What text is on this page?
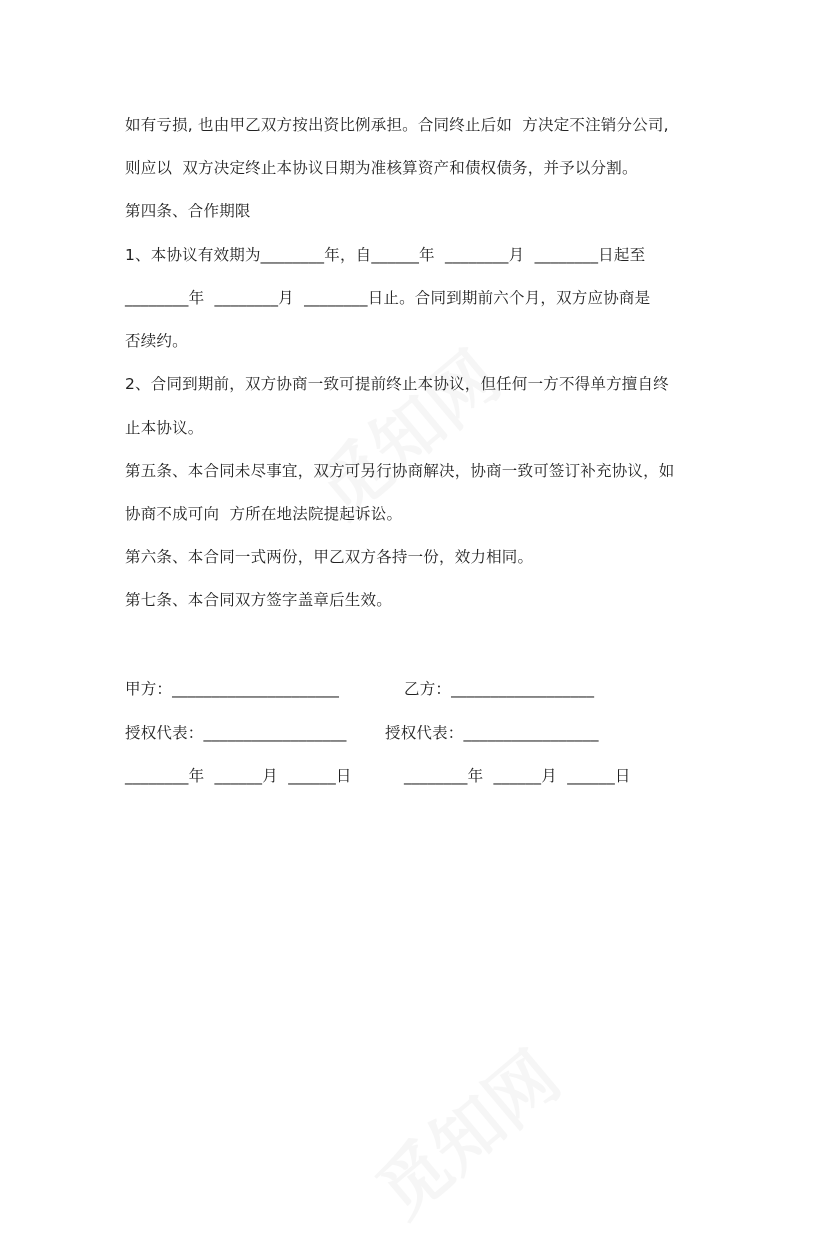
如有亏损, 也由甲乙双方按出资比例承担。合同终止后如  方决定不注销分公司,
则应以  双方决定终止本协议日期为准核算资产和债权债务，并予以分割。
第四条、合作期限
1、本协议有效期为________年，自______年  ________月  ________日起至
________年  ________月  ________日止。合同到期前六个月，双方应协商是
否续约。
2、合同到期前，双方协商一致可提前终止本协议，但任何一方不得单方擅自终
止本协议。
第五条、本合同未尽事宜，双方可另行协商解决，协商一致可签订补充协议，如
协商不成可向  方所在地法院提起诉讼。
第六条、本合同一式两份，甲乙双方各持一份，效力相同。
第七条、本合同双方签字盖章后生效。
甲方：_____________________	乙方：__________________
授权代表：__________________ 授权代表：_________________
________年  ______月  ______日	________年  ______月  ______日
